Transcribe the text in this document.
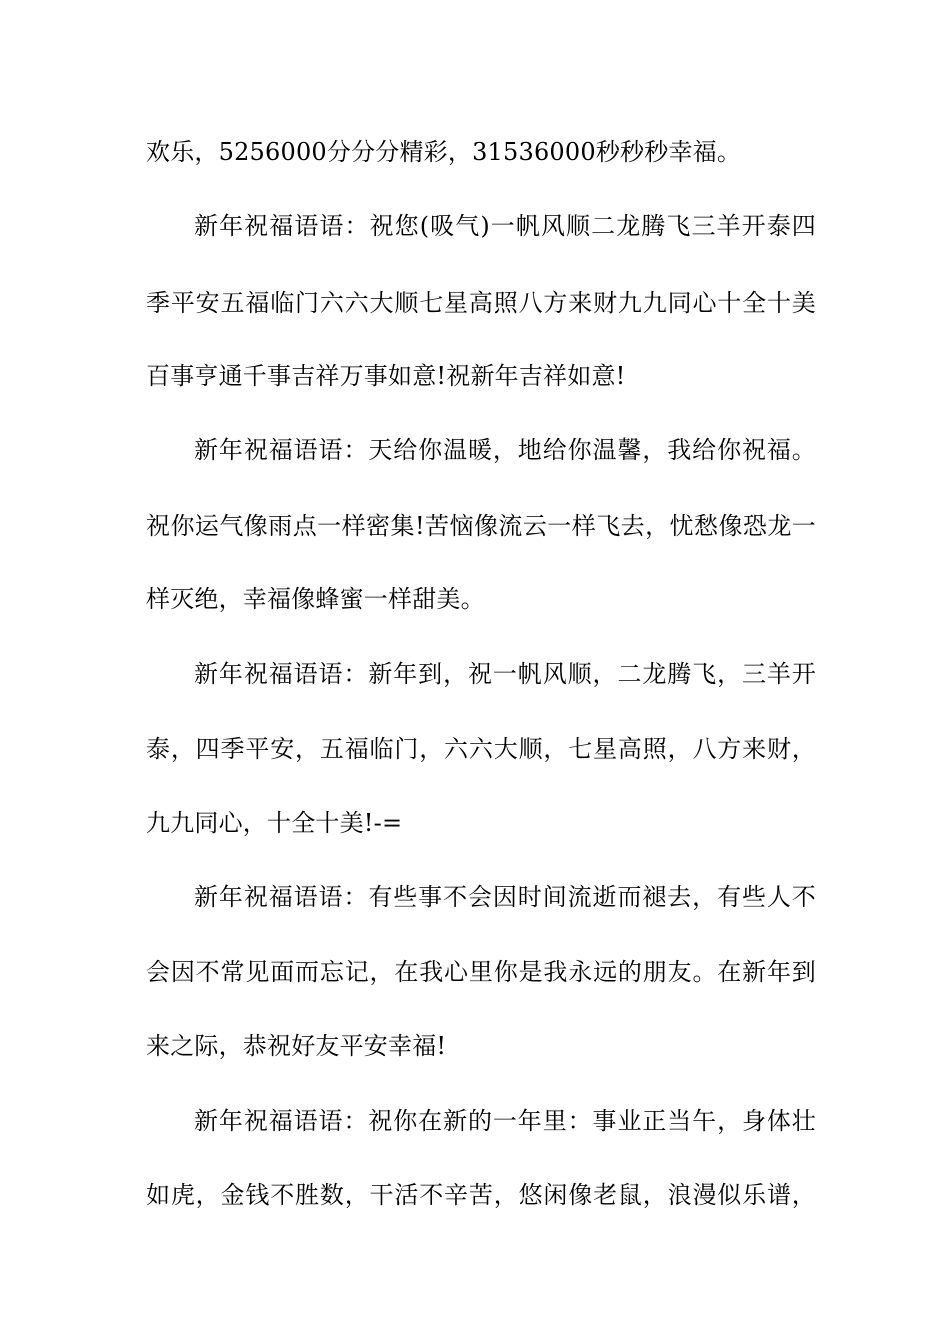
欢乐，5256000分分分精彩，31536000秒秒秒幸福。
新年祝福语语：祝您(吸气)一帆风顺二龙腾飞三羊开泰四
季平安五福临门六六大顺七星高照八方来财九九同心十全十美
百事亨通千事吉祥万事如意!祝新年吉祥如意!
新年祝福语语：天给你温暖，地给你温馨，我给你祝福。
祝你运气像雨点一样密集!苦恼像流云一样飞去，忧愁像恐龙一
样灭绝，幸福像蜂蜜一样甜美。
新年祝福语语：新年到，祝一帆风顺，二龙腾飞，三羊开
泰，四季平安，五福临门，六六大顺，七星高照，八方来财，
九九同心，十全十美!-=
新年祝福语语：有些事不会因时间流逝而褪去，有些人不
会因不常见面而忘记，在我心里你是我永远的朋友。在新年到
来之际，恭祝好友平安幸福!
新年祝福语语：祝你在新的一年里：事业正当午，身体壮
如虎，金钱不胜数，干活不辛苦，悠闲像老鼠，浪漫似乐谱，
